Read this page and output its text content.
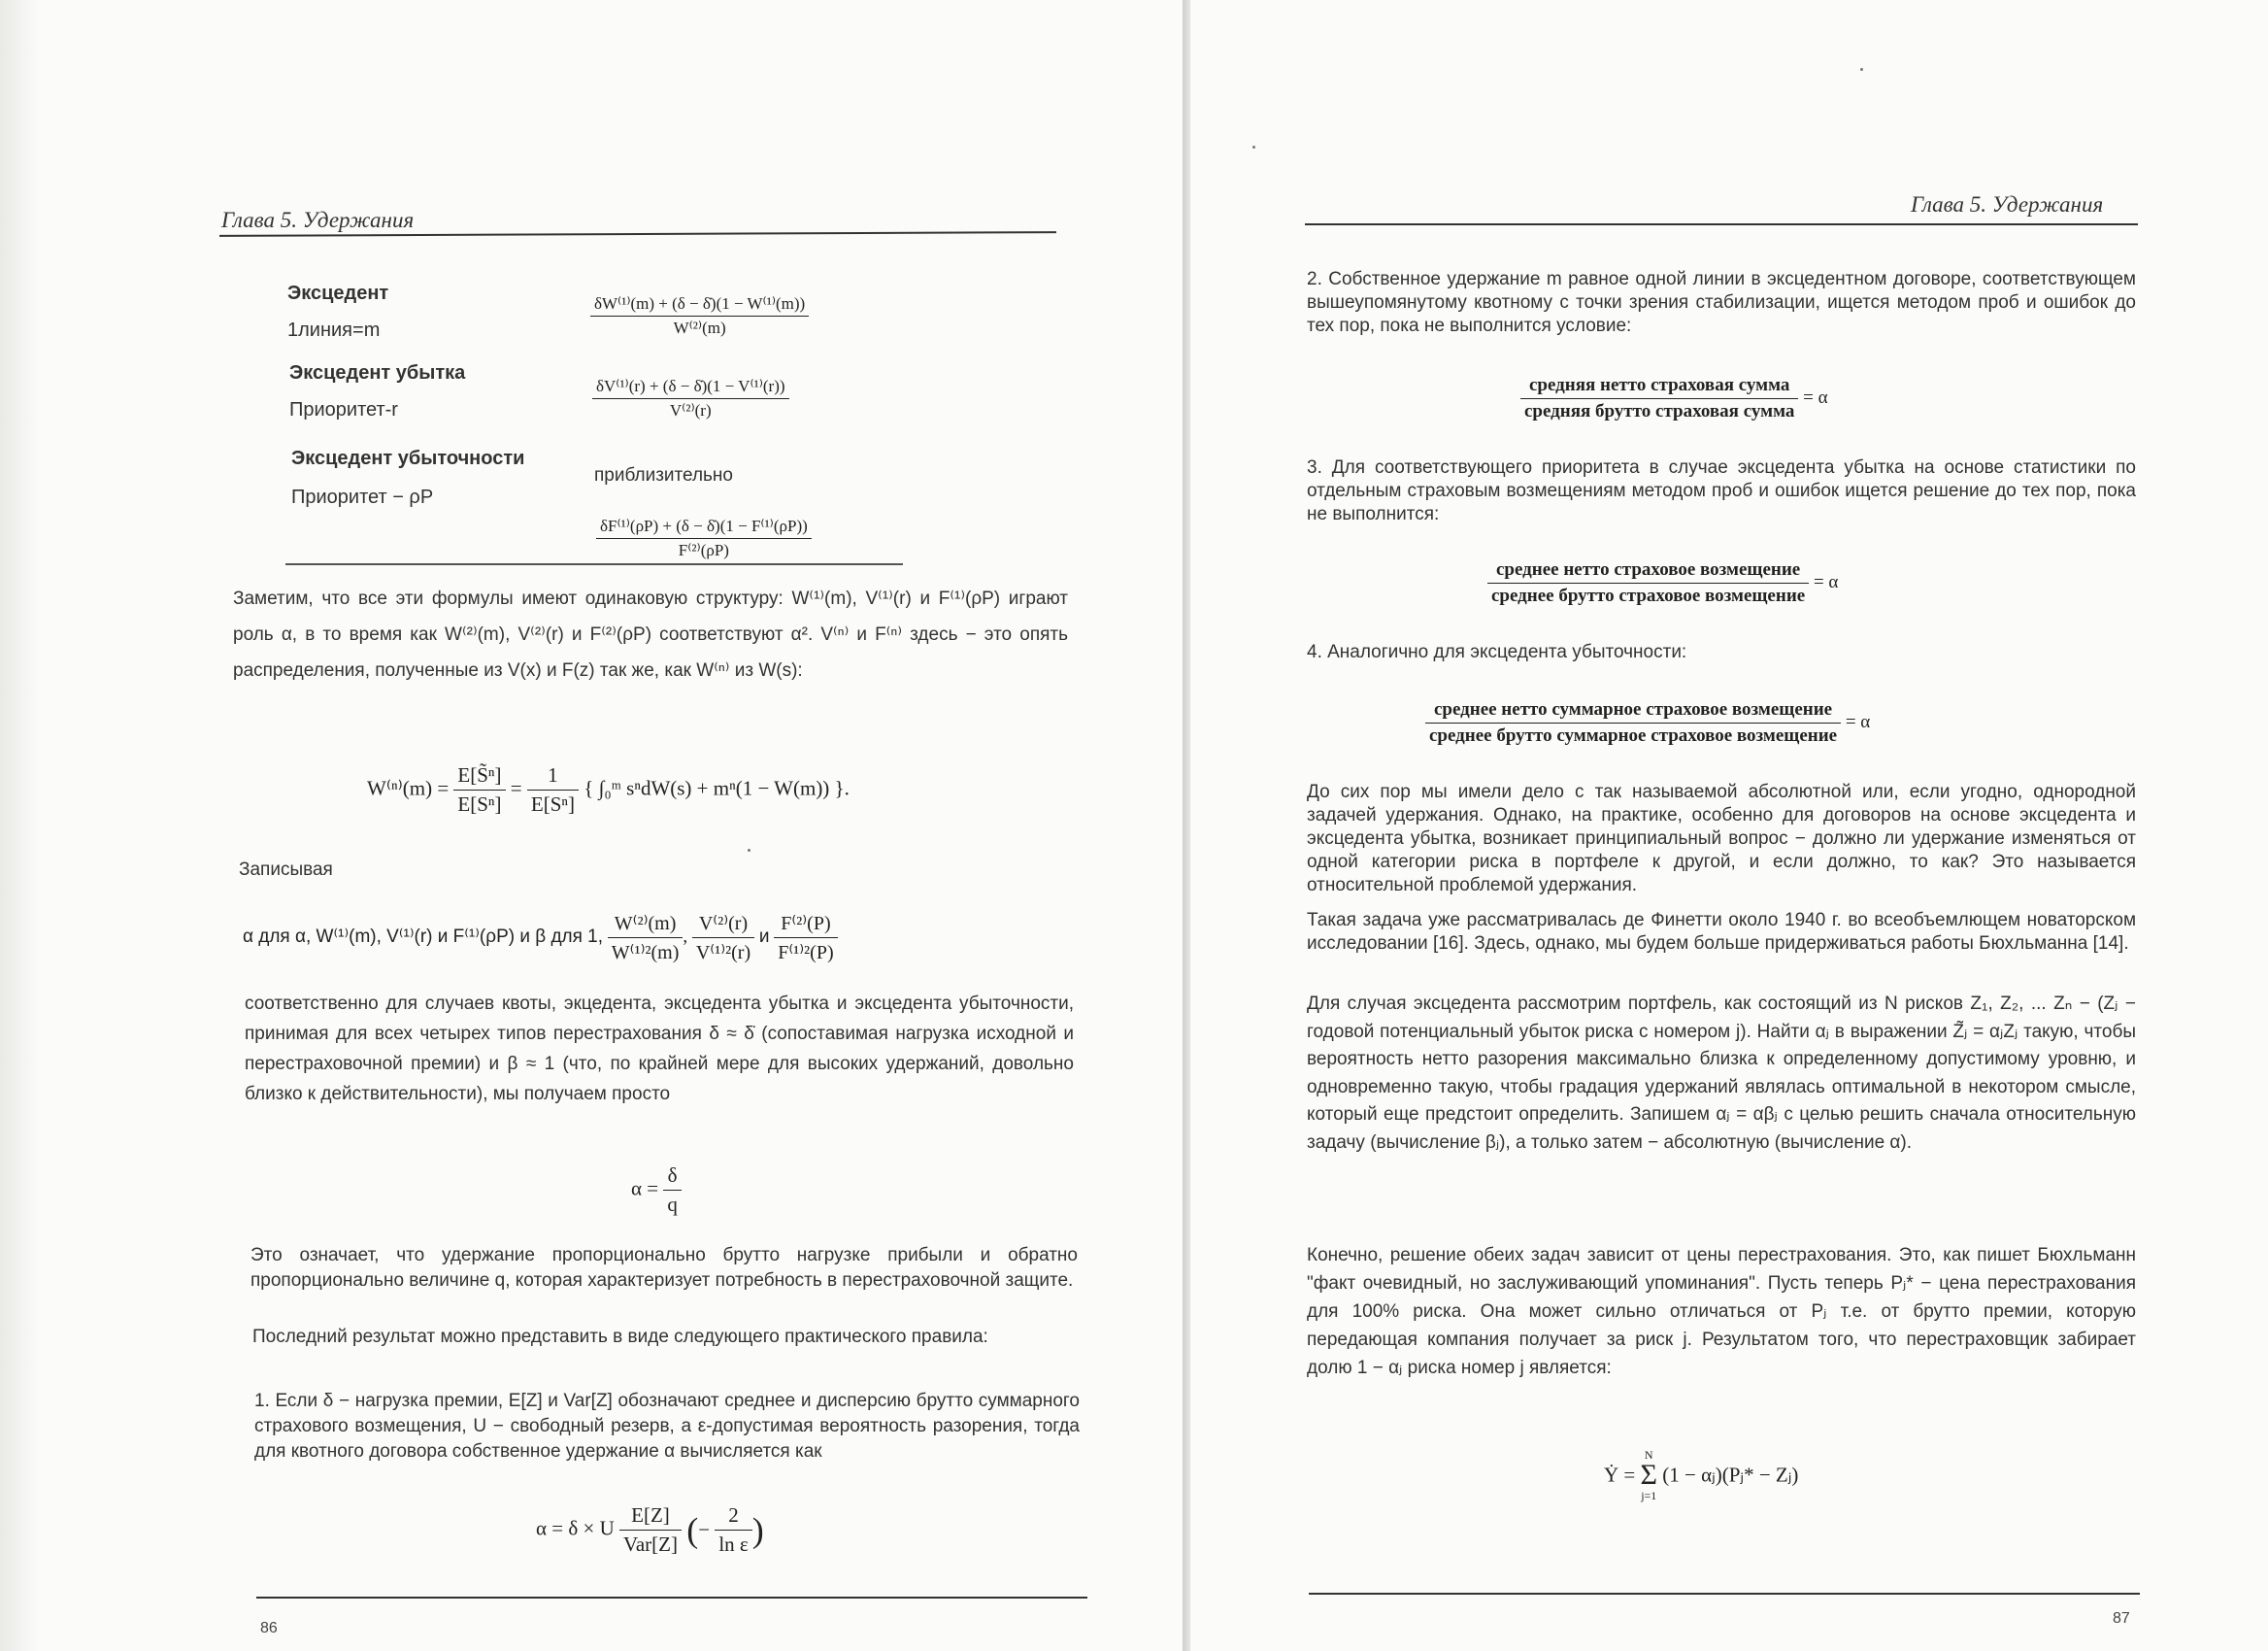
Глава 5. Удержания
Эксцедент
1линия=m	$\frac{\text{δW⁽¹⁾(m) + (δ − δ̇)(1 − W⁽¹⁾(m))}}{\text{W⁽²⁾(m)}}$
Эксцедент убытка
Приоритет-r	$\frac{\text{δV⁽¹⁾(r) + (δ − δ̇)(1 − V⁽¹⁾(r))}}{\text{V⁽²⁾(r)}}$
Эксцедент убыточности
Приоритет − ρP
приблизительно
$\frac{\text{δF⁽¹⁾(ρP) + (δ − δ̇)(1 − F⁽¹⁾(ρP))}}{\text{F⁽²⁾(ρP)}}$
Заметим, что все эти формулы имеют одинаковую структуру: W⁽¹⁾(m), V⁽¹⁾(r) и F⁽¹⁾(ρP) играют роль α, в то время как W⁽²⁾(m), V⁽²⁾(r) и F⁽²⁾(ρP) соответствуют α². V⁽ⁿ⁾ и F⁽ⁿ⁾ здесь − это опять распределения, полученные из V(x) и F(z) так же, как W⁽ⁿ⁾ из W(s):
$W^{(n)}(m) = \frac{\text{E[S̃ⁿ]}}{\text{E[Sⁿ]}} = \frac{1}{\text{E[Sⁿ]}}$ { ∫₀ᵐ sⁿdW(s) + mⁿ(1 − W(m)) }.
Записывая
α для α, W⁽¹⁾(m), V⁽¹⁾(r) и F⁽¹⁾(ρP) и β для 1, $\frac{\text{W⁽²⁾(m)}}{\text{W⁽¹⁾²(m)}}$ , $\frac{\text{V⁽²⁾(r)}}{\text{V⁽¹⁾²(r)}}$ и $\frac{\text{F⁽²⁾(P)}}{\text{F⁽¹⁾²(P)}}$
соответственно для случаев квоты, экцедента, эксцедента убытка и эксцедента убыточности, принимая для всех четырех типов перестрахования δ ≈ δ̇ (сопоставимая нагрузка исходной и перестраховочной премии) и β ≈ 1 (что, по крайней мере для высоких удержаний, довольно близко к действительности), мы получаем просто
$\alpha = \frac{\delta}{q}$
Это означает, что удержание пропорционально брутто нагрузке прибыли и обратно пропорционально величине q, которая характеризует потребность в перестраховочной защите.
Последний результат можно представить в виде следующего практического правила:
1. Если δ − нагрузка премии, E[Z] и Var[Z] обозначают среднее и дисперсию брутто суммарного страхового возмещения, U − свободный резерв, а ε-допустимая вероятность разорения, тогда для квотного договора собственное удержание α вычисляется как
α = δ × U $\frac{E[Z]}{\text{Var[Z]}}$ (− $\frac{2}{\text{ln ε}}$ )
Глава 5. Удержания
2. Собственное удержание m равное одной линии в эксцедентном договоре, соответствующем вышеупомянутому квотному с точки зрения стабилизации, ищется методом проб и ошибок до тех пор, пока не выполнится условие:
$\frac{\text{средняя нетто страховая сумма}}{\text{средняя брутто страховая сумма}} = \alpha$
3. Для соответствующего приоритета в случае эксцедента убытка на основе статистики по отдельным страховым возмещениям методом проб и ошибок ищется решение до тех пор, пока не выполнится:
$\frac{\text{среднее нетто страховое возмещение}}{\text{среднее брутто страховое возмещение}} = \alpha$
4. Аналогично для эксцедента убыточности:
$\frac{\text{среднее нетто суммарное страховое возмещение}}{\text{среднее брутто суммарное страховое возмещение}} = \alpha$
До сих пор мы имели дело с так называемой абсолютной или, если угодно, однородной задачей удержания. Однако, на практике, особенно для договоров на основе эксцедента и эксцедента убытка, возникает принципиальный вопрос − должно ли удержание изменяться от одной категории риска в портфеле к другой, и если должно, то как? Это называется относительной проблемой удержания.
Такая задача уже рассматривалась де Финетти около 1940 г. во всеобъемлющем новаторском исследовании [16]. Здесь, однако, мы будем больше придерживаться работы Бюхльманна [14].
Для случая эксцедента рассмотрим портфель, как состоящий из N рисков Z₁, Z₂, ... Zₙ − (Zⱼ − годовой потенциальный убыток риска с номером j). Найти αⱼ в выражении Z̃ⱼ = αⱼZⱼ такую, чтобы вероятность нетто разорения максимально близка к определенному допустимому уровню, и одновременно такую, чтобы градация удержаний являлась оптимальной в некотором смысле, который еще предстоит определить. Запишем αⱼ = αβⱼ с целью решить сначала относительную задачу (вычисление βⱼ), а только затем − абсолютную (вычисление α).
Конечно, решение обеих задач зависит от цены перестрахования. Это, как пишет Бюхльманн "факт очевидный, но заслуживающий упоминания". Пусть теперь Pⱼ* − цена перестрахования для 100% риска. Она может сильно отличаться от Pⱼ т.е. от брутто премии, которую передающая компания получает за риск j. Результатом того, что перестраховщик забирает долю 1 − αⱼ риска номер j является:
Ẏ =
N
Σ
j=1
(1 − αⱼ)(Pⱼ* − Zⱼ)
